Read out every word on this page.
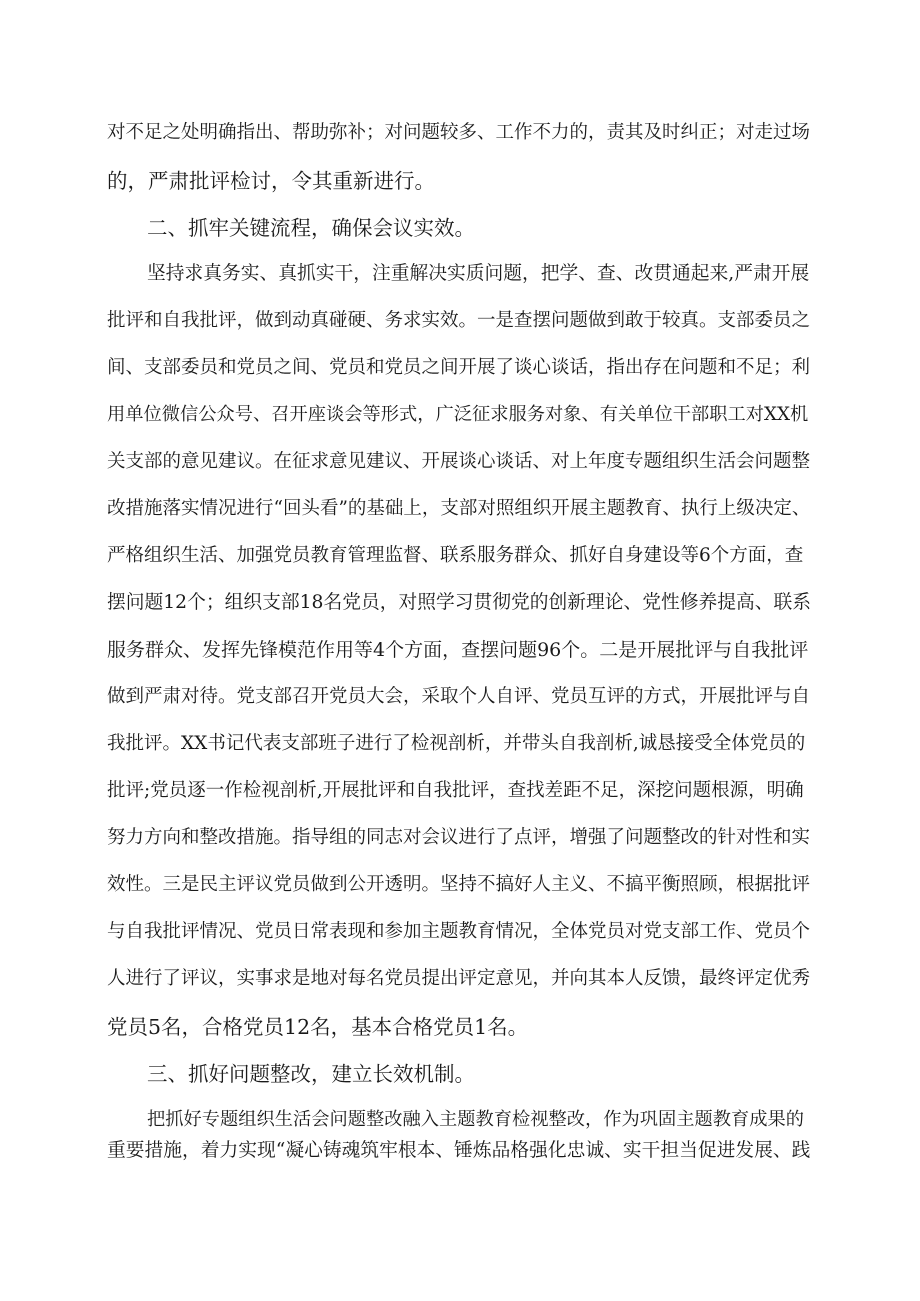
对不足之处明确指出、帮助弥补；对问题较多、工作不力的，责其及时纠正；对走过场
的，严肃批评检讨，令其重新进行。
二、抓牢关键流程，确保会议实效。
坚持求真务实、真抓实干，注重解决实质问题，把学、查、改贯通起来,严肃开展
批评和自我批评，做到动真碰硬、务求实效。一是查摆问题做到敢于较真。支部委员之
间、支部委员和党员之间、党员和党员之间开展了谈心谈话，指出存在问题和不足；利
用单位微信公众号、召开座谈会等形式，广泛征求服务对象、有关单位干部职工对XX机
关支部的意见建议。在征求意见建议、开展谈心谈话、对上年度专题组织生活会问题整
改措施落实情况进行“回头看”的基础上，支部对照组织开展主题教育、执行上级决定、
严格组织生活、加强党员教育管理监督、联系服务群众、抓好自身建设等6个方面，查
摆问题12个；组织支部18名党员，对照学习贯彻党的创新理论、党性修养提高、联系
服务群众、发挥先锋模范作用等4个方面，查摆问题96个。二是开展批评与自我批评
做到严肃对待。党支部召开党员大会，采取个人自评、党员互评的方式，开展批评与自
我批评。XX书记代表支部班子进行了检视剖析，并带头自我剖析,诚恳接受全体党员的
批评;党员逐一作检视剖析,开展批评和自我批评，查找差距不足，深挖问题根源，明确
努力方向和整改措施。指导组的同志对会议进行了点评，增强了问题整改的针对性和实
效性。三是民主评议党员做到公开透明。坚持不搞好人主义、不搞平衡照顾，根据批评
与自我批评情况、党员日常表现和参加主题教育情况，全体党员对党支部工作、党员个
人进行了评议，实事求是地对每名党员提出评定意见，并向其本人反馈，最终评定优秀
党员5名，合格党员12名，基本合格党员1名。
三、抓好问题整改，建立长效机制。
把抓好专题组织生活会问题整改融入主题教育检视整改，作为巩固主题教育成果的
重要措施，着力实现“凝心铸魂筑牢根本、锤炼品格强化忠诚、实干担当促进发展、践
